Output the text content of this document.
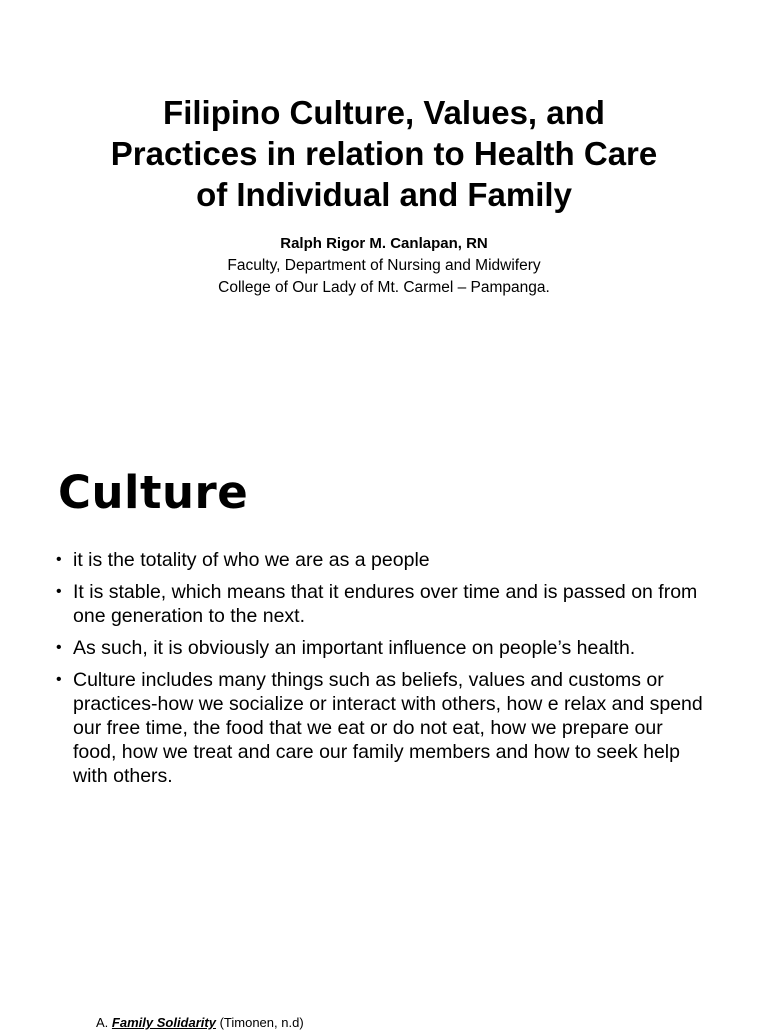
Filipino Culture, Values, and
Practices in relation to Health Care
of Individual and Family
Ralph Rigor M. Canlapan, RN
Faculty, Department of Nursing and Midwifery
College of Our Lady of Mt. Carmel – Pampanga.
Culture
• it is the totality of who we are as a people
• It is stable, which means that it endures over time and is passed on from one generation to the next.
• As such, it is obviously an important influence on people’s health.
• Culture includes many things such as beliefs, values and customs or practices-how we socialize or interact with others, how e relax and spend our free time, the food that we eat or do not eat, how we prepare our food, how we treat and care our family members and how to seek help with others.
A. Family Solidarity (Timonen, n.d)
